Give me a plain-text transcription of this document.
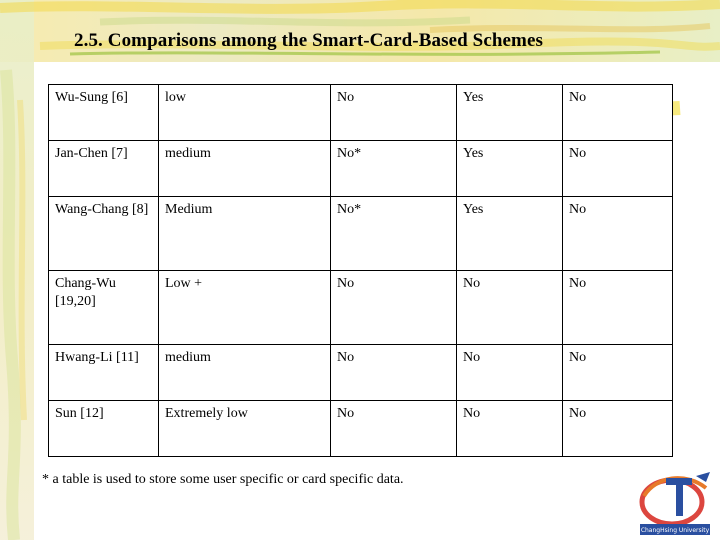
2.5. Comparisons among the Smart-Card-Based Schemes
Wu-Sung [6]	low	No	Yes	No
Jan-Chen [7]	medium	No*	Yes	No
Wang-Chang [8]	Medium	No*	Yes	No
Chang-Wu [19,20]	Low +	No	No	No
Hwang-Li [11]	medium	No	No	No
Sun [12]	Extremely low	No	No	No
* a table is used to store some user specific or card specific data.
ChangHsing University
